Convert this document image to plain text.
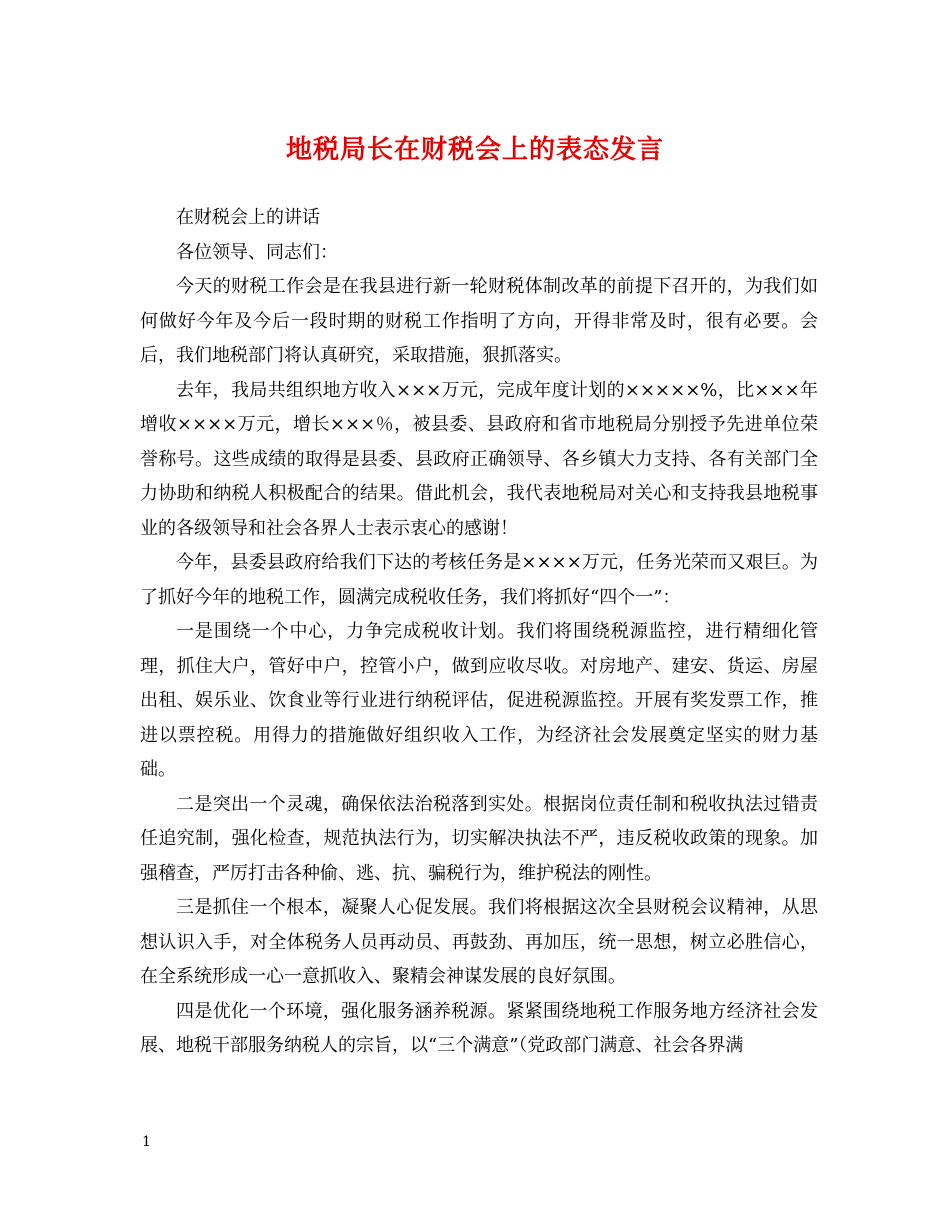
地税局长在财税会上的表态发言

在财税会上的讲话

各位领导、同志们：

今天的财税工作会是在我县进行新一轮财税体制改革的前提下召开的，为我们如何做好今年及今后一段时期的财税工作指明了方向，开得非常及时，很有必要。会后，我们地税部门将认真研究，采取措施，狠抓落实。

去年，我局共组织地方收入×××万元，完成年度计划的×××××%，比×××年增收××××万元，增长×××％，被县委、县政府和省市地税局分别授予先进单位荣誉称号。这些成绩的取得是县委、县政府正确领导、各乡镇大力支持、各有关部门全力协助和纳税人积极配合的结果。借此机会，我代表地税局对关心和支持我县地税事业的各级领导和社会各界人士表示衷心的感谢！

今年，县委县政府给我们下达的考核任务是××××万元，任务光荣而又艰巨。为了抓好今年的地税工作，圆满完成税收任务，我们将抓好“四个一”：

一是围绕一个中心，力争完成税收计划。我们将围绕税源监控，进行精细化管理，抓住大户，管好中户，控管小户，做到应收尽收。对房地产、建安、货运、房屋出租、娱乐业、饮食业等行业进行纳税评估，促进税源监控。开展有奖发票工作，推进以票控税。用得力的措施做好组织收入工作，为经济社会发展奠定坚实的财力基础。

二是突出一个灵魂，确保依法治税落到实处。根据岗位责任制和税收执法过错责任追究制，强化检查，规范执法行为，切实解决执法不严，违反税收政策的现象。加强稽查，严厉打击各种偷、逃、抗、骗税行为，维护税法的刚性。

三是抓住一个根本，凝聚人心促发展。我们将根据这次全县财税会议精神，从思想认识入手，对全体税务人员再动员、再鼓劲、再加压，统一思想，树立必胜信心，在全系统形成一心一意抓收入、聚精会神谋发展的良好氛围。

四是优化一个环境，强化服务涵养税源。紧紧围绕地税工作服务地方经济社会发展、地税干部服务纳税人的宗旨，以“三个满意”（党政部门满意、社会各界满

1
